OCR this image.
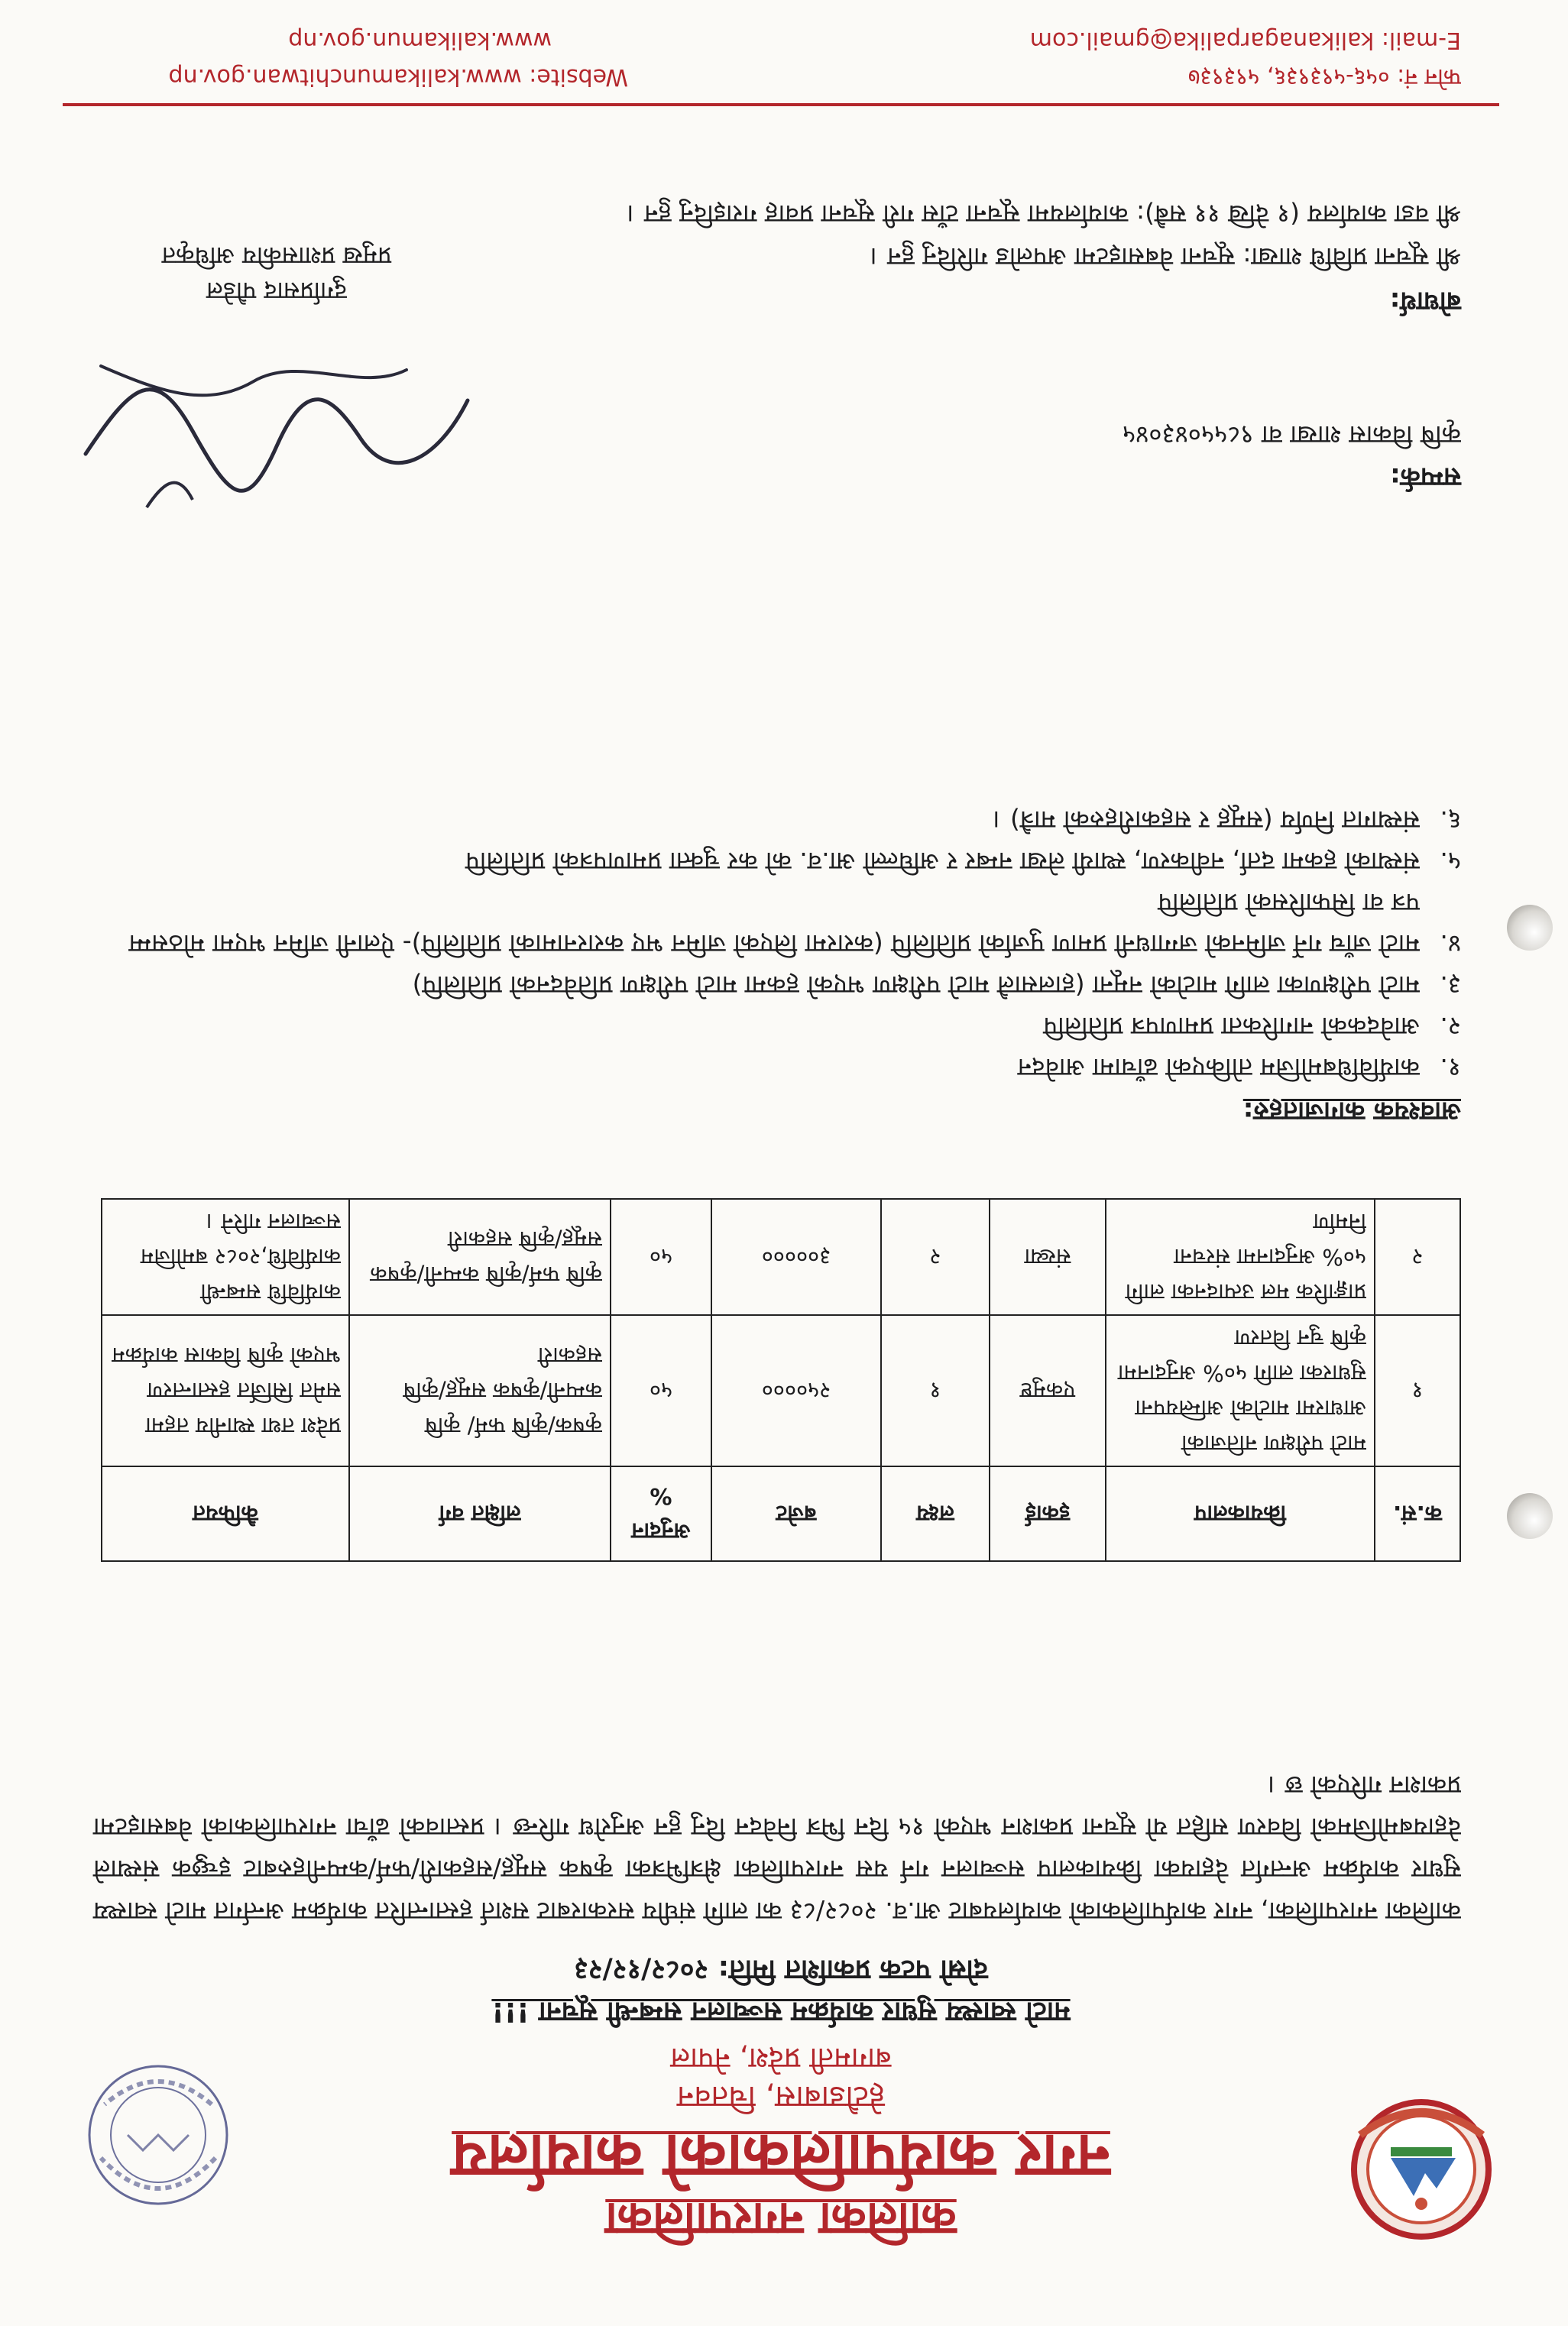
कालिका नगरपालिका
नगर कार्यपालिकाको कार्यालय
हेटौडाबास, चितवन
बागमती प्रदेश, नेपाल
माटो स्वास्थ्य सुधार कार्यक्रम सञ्चालन सम्बन्धी सूचना !!!
दोस्रो पटक प्रकाशित मिति: २०८२/१२/२३
कालिका नगरपालिका, नगर कार्यपालिकाको कार्यालयबाट आ.व. २०८२/८३ का लागि संघीय सरकारबाट सशर्त हस्तान्तरित कार्यक्रम अर्न्तगत माटो स्वास्थ्य सुधार कार्यक्रम अन्तर्गत देहायका क्रियाकलाप सञ्चालन गर्न यस नगरपालिका क्षेत्रभित्रका कृषक समूह/सहकारी/फर्म/कम्पनीहरुबाट इच्छुक संस्थाले देहायबमोजिमको विवरण सहित यो सूचना प्रकाशन भएको १५ दिन भित्र निवेदन दिनु हुन अनुरोध गरिन्छ । प्रस्तावको ढाँचा नगरपालिकाको वेबसाइटमा प्रकाशन गरिएको छ ।
क.सं.	क्रियाकलाप	इकाई	लक्ष्य	बजेट	अनुदान %	लक्षित वर्ग	कैफियत
१	माटो परीक्षण नतिजाको आधारमा माटोको अम्लियपना सुधारका लागि ५०% अनुदानमा कृषि चुन वितरण	एकमुष्ट	१	२५००००	५०	कृषक/कृषि फर्म/ कृषि कम्पनी/कृषक समूह/कृषि सहकारी	प्रदेश तथा स्थानीय तहमा समेत सिर्जित हस्तान्तरण भएको कृषि विकास कार्यक्रम
२	प्राङ्गारिक मल उत्पादनका लागि ५०% अनुदानमा संरचना निर्माण	संख्या	२	३०००००	५०	कृषि फर्म/कृषि कम्पनी/कृषक समूह/कृषि सहकारी	कार्यविधि सम्बन्धी कार्यविधि,२०८२ बमोजिम सञ्चालन गरिने ।
आवश्यक कागजातहरु:
१.कार्यविधिबमोजिम तोकिएको ढाँचामा आवेदन
२.आवेदकको नागरिकता प्रमाणपत्र प्रतिलिपि
३.माटो परीक्षणका लागि माटोको नमूना (हालसालै माटो परीक्षण भएको हकमा माटो परीक्षण प्रतिवेदनको प्रतिलिपि)
४.माटो जाँच गर्ने जमिनको जग्गाधनी प्रमाण पुर्जाको प्रतिलिपि (करारमा लिएको जमिन भए करारनामाको प्रतिलिपि)- ऐलानी जमिन भएमा मोठसम्म पत्र वा सिफारिसको प्रतिलिपि
५.संस्थाको हकमा दर्ता, नवीकरण, स्थायी लेखा नम्बर र अघिल्लो आ.व. को कर चुक्ता प्रमाणपत्रको प्रतिलिपि
६.संस्थागत निर्णय (समूह र सहकारीहरुको मात्रै) ।
सम्पर्क:
कृषि विकास शाखा वा ९८५५०४३०४५
दुर्गाप्रसाद पौडेल
प्रमुख प्रशासकीय अधिकृत
बोधार्थ:
श्री सूचना प्रविधि शाखा: सूचना वेबसाइटमा अपलोड गरिदिनु हुन ।
श्री वडा कार्यालय (१ देखि ११ सबै): कार्यालयमा सूचना टाँस गरी सूचना प्रवाह गराइदिनु हुन ।
फोन नं: ०५६-५९३९३६, ५९३९३७
Website: www.kalikamunchitwan.gov.np
E-mail: kalikanagarpalika@gmail.com
www.kalikamun.gov.np
